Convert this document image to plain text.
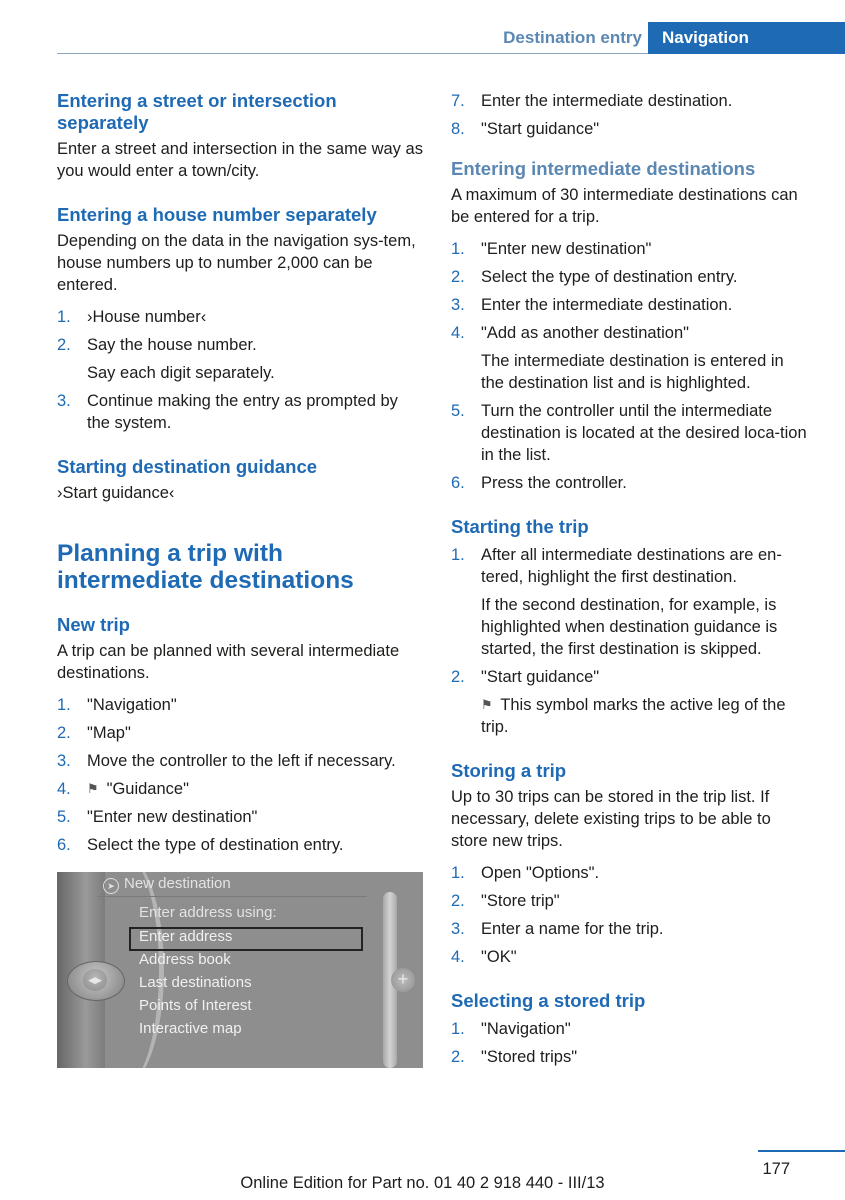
Destination entry	Navigation
Entering a street or intersection separately

Enter a street and intersection in the same way as you would enter a town/city.

Entering a house number separately

Depending on the data in the navigation sys-tem, house numbers up to number 2,000 can be entered.

1. ›House number‹
2. Say the house number.
Say each digit separately.
3. Continue making the entry as prompted by the system.
Starting destination guidance

›Start guidance‹

Planning a trip with intermediate destinations
New trip

A trip can be planned with several intermediate destinations.

1. "Navigation"
2. "Map"
3. Move the controller to the left if necessary.
4. ⚑ "Guidance"
5. "Enter new destination"
6. Select the type of destination entry.
◀▶	+
➤ New destination
Enter address using:
Enter address
Address book
Last destinations
Points of Interest
Interactive map
7. Enter the intermediate destination.
8. "Start guidance"
Entering intermediate destinations

A maximum of 30 intermediate destinations can be entered for a trip.

1. "Enter new destination"
2. Select the type of destination entry.
3. Enter the intermediate destination.
4. "Add as another destination"
The intermediate destination is entered in the destination list and is highlighted.
5. Turn the controller until the intermediate destination is located at the desired loca-tion in the list.
6. Press the controller.
Starting the trip
1. After all intermediate destinations are en-tered, highlight the first destination.
If the second destination, for example, is highlighted when destination guidance is started, the first destination is skipped.
2. "Start guidance"
⚑ This symbol marks the active leg of the trip.
Storing a trip

Up to 30 trips can be stored in the trip list. If necessary, delete existing trips to be able to store new trips.

1. Open "Options".
2. "Store trip"
3. Enter a name for the trip.
4. "OK"
Selecting a stored trip
1. "Navigation"
2. "Stored trips"
177
Online Edition for Part no. 01 40 2 918 440 - III/13
